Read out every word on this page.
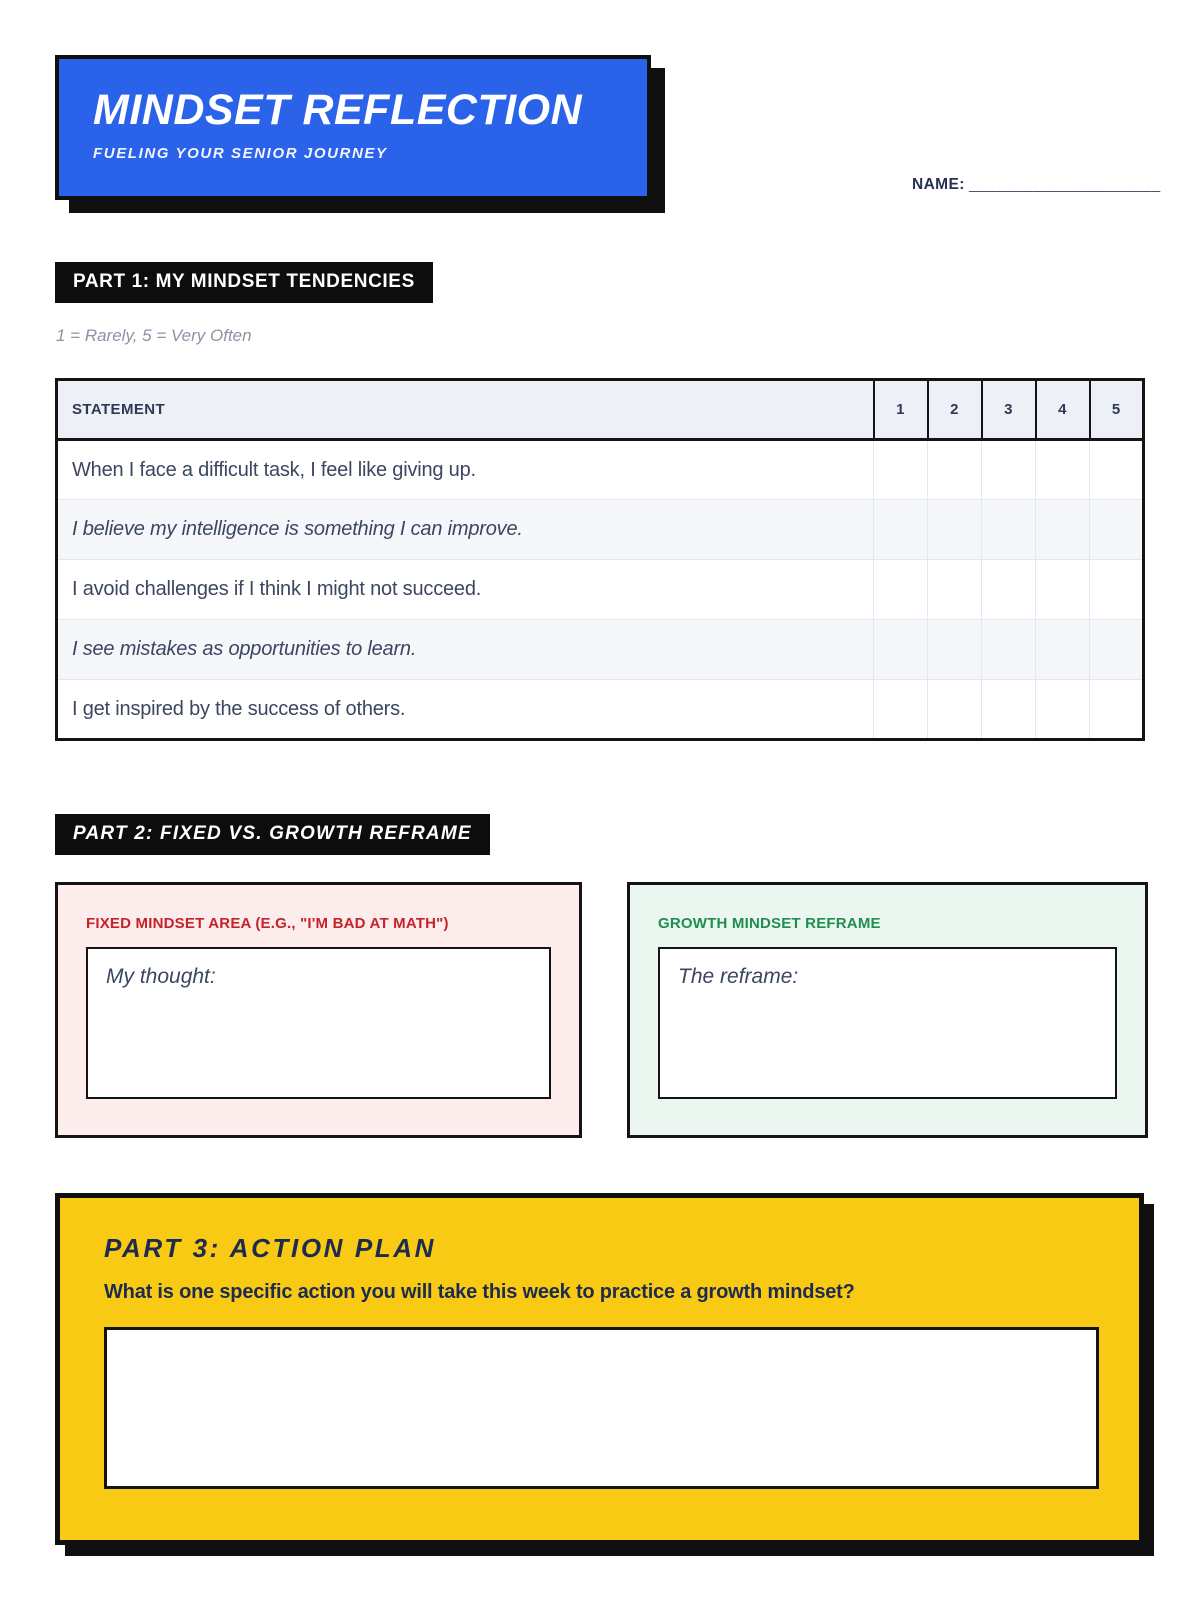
MINDSET REFLECTION
FUELING YOUR SENIOR JOURNEY
NAME: _____________________
PART 1: MY MINDSET TENDENCIES
1 = Rarely, 5 = Very Often
STATEMENT	1	2	3	4	5
When I face a difficult task, I feel like giving up.					
I believe my intelligence is something I can improve.					
I avoid challenges if I think I might not succeed.					
I see mistakes as opportunities to learn.					
I get inspired by the success of others.					
PART 2: FIXED VS. GROWTH REFRAME
FIXED MINDSET AREA (E.G., "I'M BAD AT MATH")
My thought:
GROWTH MINDSET REFRAME
The reframe:
PART 3: ACTION PLAN
What is one specific action you will take this week to practice a growth mindset?
